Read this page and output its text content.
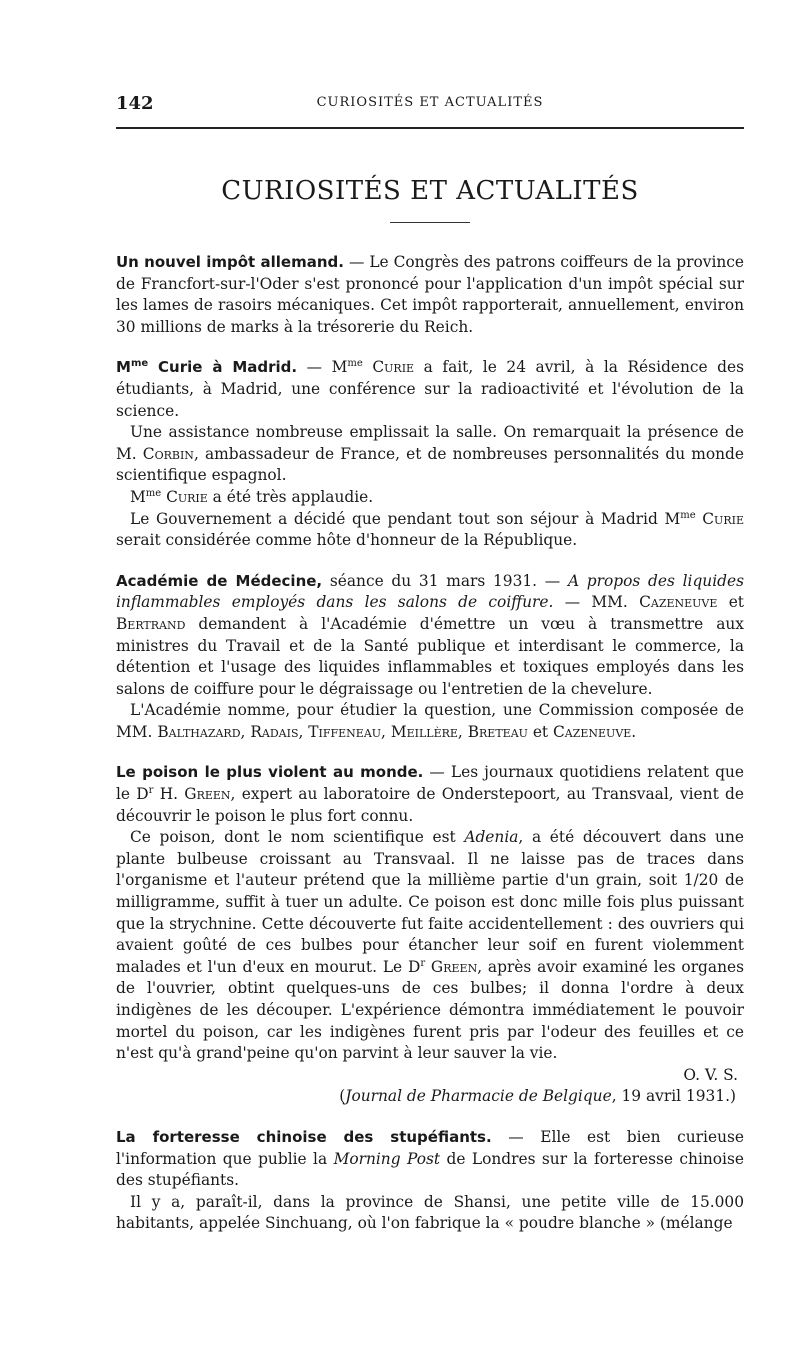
142	CURIOSITÉS ET ACTUALITÉS
CURIOSITÉS ET ACTUALITÉS

Un nouvel impôt allemand. — Le Congrès des patrons coiffeurs de la province de Francfort-sur-l'Oder s'est prononcé pour l'application d'un impôt spécial sur les lames de rasoirs mécaniques. Cet impôt rapporterait, annuellement, environ 30 millions de marks à la trésorerie du Reich.

$M^{me}$ Curie à Madrid. — $M^{me}$ Curie a fait, le 24 avril, à la Résidence des étudiants, à Madrid, une conférence sur la radioactivité et l'évolution de la science.

Une assistance nombreuse emplissait la salle. On remarquait la présence de M. Corbin, ambassadeur de France, et de nombreuses personnalités du monde scientifique espagnol.

$M^{me}$ Curie a été très applaudie.

Le Gouvernement a décidé que pendant tout son séjour à Madrid $M^{me}$ Curie serait considérée comme hôte d'honneur de la République.

Académie de Médecine, séance du 31 mars 1931. — A propos des liquides inflammables employés dans les salons de coiffure. — MM. Cazeneuve et Bertrand demandent à l'Académie d'émettre un vœu à transmettre aux ministres du Travail et de la Santé publique et interdisant le commerce, la détention et l'usage des liquides inflammables et toxiques employés dans les salons de coiffure pour le dégraissage ou l'entretien de la chevelure.

L'Académie nomme, pour étudier la question, une Commission composée de MM. Balthazard, Radais, Tiffeneau, Meillère, Breteau et Cazeneuve.

Le poison le plus violent au monde. — Les journaux quotidiens relatent que le $D^r$ H. Green, expert au laboratoire de Onderstepoort, au Transvaal, vient de découvrir le poison le plus fort connu.

Ce poison, dont le nom scientifique est Adenia, a été découvert dans une plante bulbeuse croissant au Transvaal. Il ne laisse pas de traces dans l'organisme et l'auteur prétend que la millième partie d'un grain, soit 1/20 de milligramme, suffit à tuer un adulte. Ce poison est donc mille fois plus puissant que la strychnine. Cette découverte fut faite accidentellement : des ouvriers qui avaient goûté de ces bulbes pour étancher leur soif en furent violemment malades et l'un d'eux en mourut. Le $D^r$ Green, après avoir examiné les organes de l'ouvrier, obtint quelques-uns de ces bulbes; il donna l'ordre à deux indigènes de les découper. L'expérience démontra immédiatement le pouvoir mortel du poison, car les indigènes furent pris par l'odeur des feuilles et ce n'est qu'à grand'peine qu'on parvint à leur sauver la vie.

O. V. S.

(Journal de Pharmacie de Belgique, 19 avril 1931.)

La forteresse chinoise des stupéfiants. — Elle est bien curieuse l'information que publie la Morning Post de Londres sur la forteresse chinoise des stupéfiants.

Il y a, paraît-il, dans la province de Shansi, une petite ville de 15.000 habitants, appelée Sinchuang, où l'on fabrique la « poudre blanche » (mélange
